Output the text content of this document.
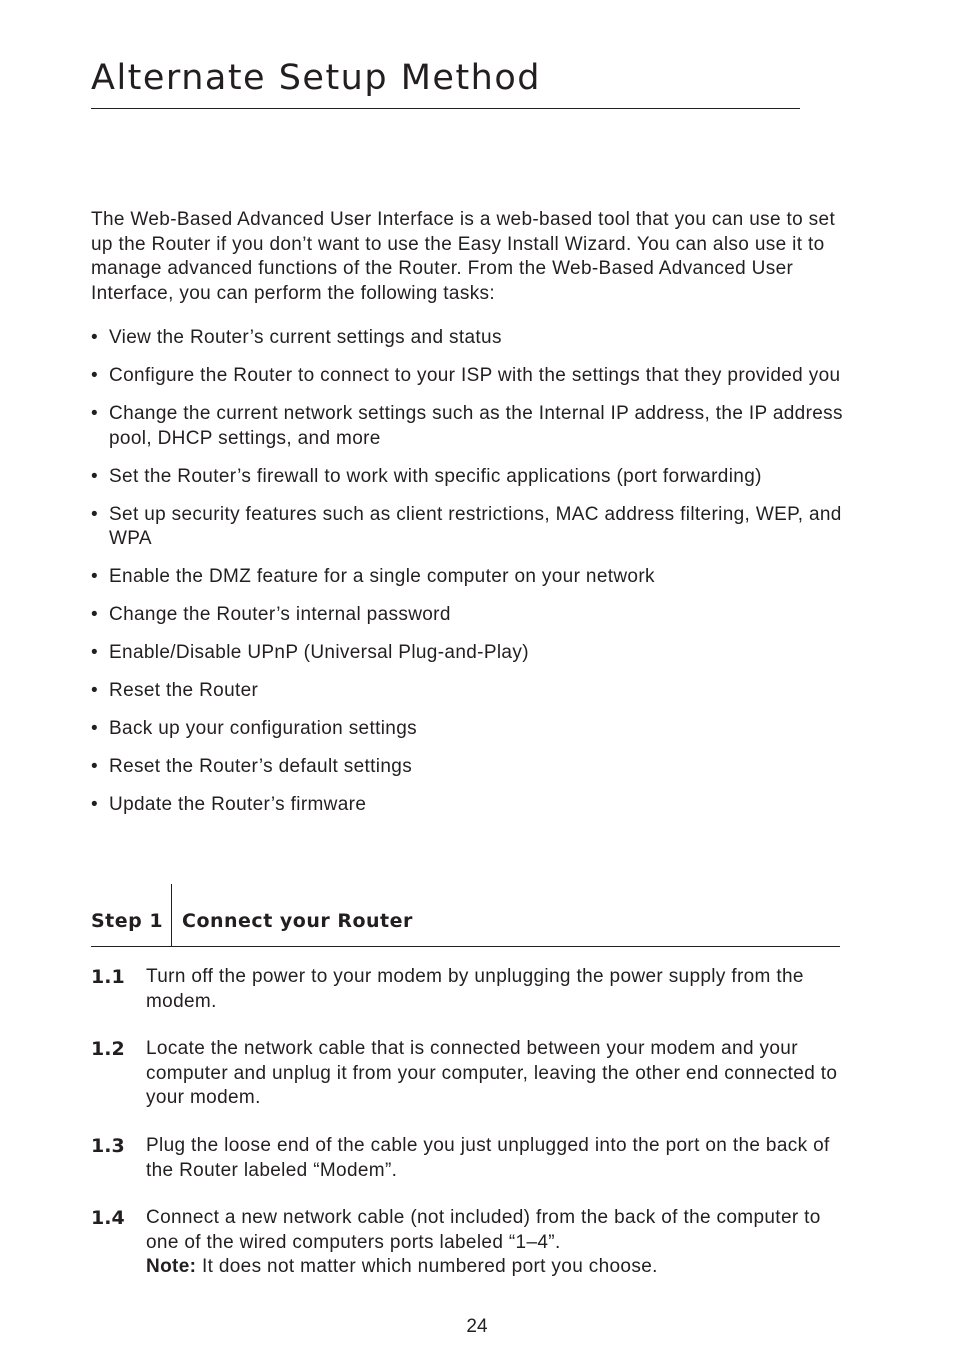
Alternate Setup Method

The Web-Based Advanced User Interface is a web-based tool that you can use to set up the Router if you don’t want to use the Easy Install Wizard. You can also use it to manage advanced functions of the Router. From the Web-Based Advanced User Interface, you can perform the following tasks:

• View the Router’s current settings and status
• Configure the Router to connect to your ISP with the settings that they provided you
• Change the current network settings such as the Internal IP address, the IP address pool, DHCP settings, and more
• Set the Router’s firewall to work with specific applications (port forwarding)
• Set up security features such as client restrictions, MAC address filtering, WEP, and WPA
• Enable the DMZ feature for a single computer on your network
• Change the Router’s internal password
• Enable/Disable UPnP (Universal Plug-and-Play)
• Reset the Router
• Back up your configuration settings
• Reset the Router’s default settings
• Update the Router’s firmware
Step 1 Connect your Router
1.1 Turn off the power to your modem by unplugging the power supply from the modem.
1.2 Locate the network cable that is connected between your modem and your computer and unplug it from your computer, leaving the other end connected to your modem.
1.3 Plug the loose end of the cable you just unplugged into the port on the back of the Router labeled “Modem”.
1.4 Connect a new network cable (not included) from the back of the computer to one of the wired computers ports labeled “1–4”.
Note: It does not matter which numbered port you choose.
24
